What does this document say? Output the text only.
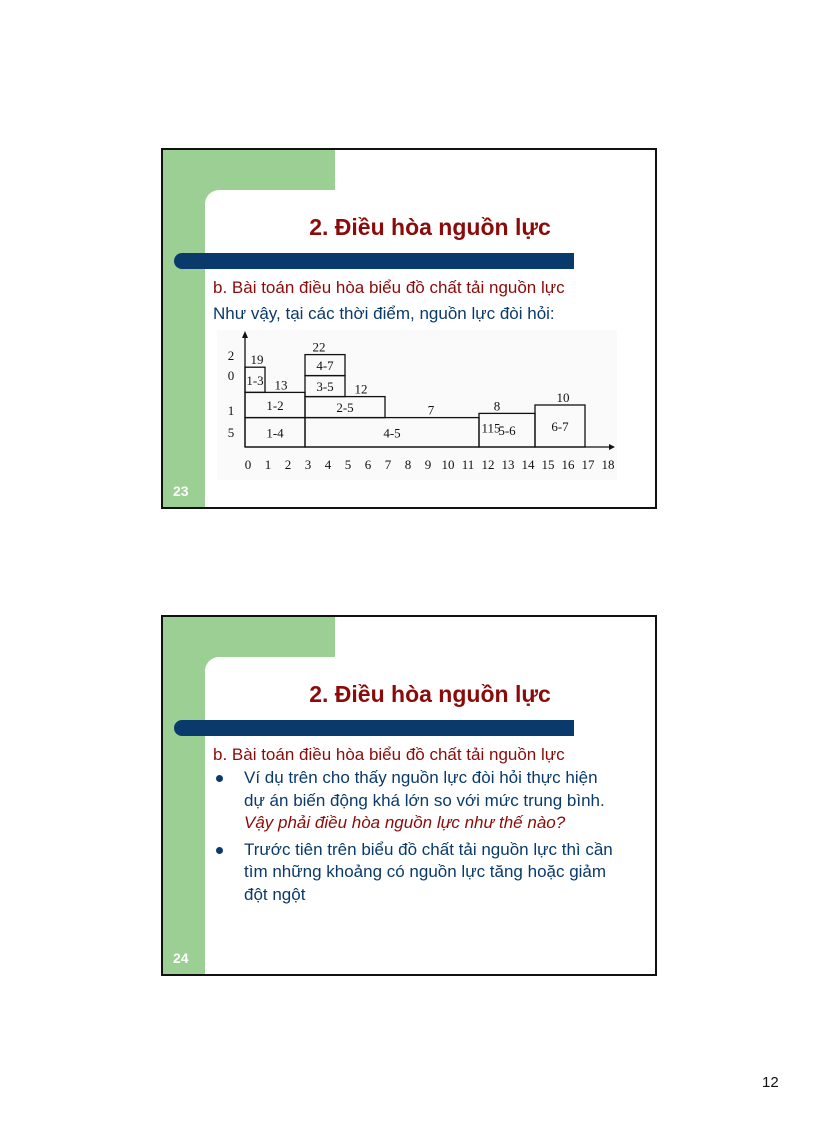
2. Điều hòa nguồn lực
b. Bài toán điều hòa biểu đồ chất tải nguồn lực
Như vậy, tại các thời điểm, nguồn lực đòi hỏi:
1-4
1-2
1-3
4-5
2-5
3-5
4-7
5-6	6-7
19
13
22
12
7	8
10
115
0 1 2 3 4 5 6 7 8 9 10 11 12 13 14 15 16 17 18
2
0
1
5
23
2. Điều hòa nguồn lực
b. Bài toán điều hòa biểu đồ chất tải nguồn lực
Ví dụ trên cho thấy nguồn lực đòi hỏi thực hiện dự án biến động khá lớn so với mức trung bình. Vậy phải điều hòa nguồn lực như thế nào?
Trước tiên trên biểu đồ chất tải nguồn lực thì cần tìm những khoảng có nguồn lực tăng hoặc giảm đột ngột
24
12
